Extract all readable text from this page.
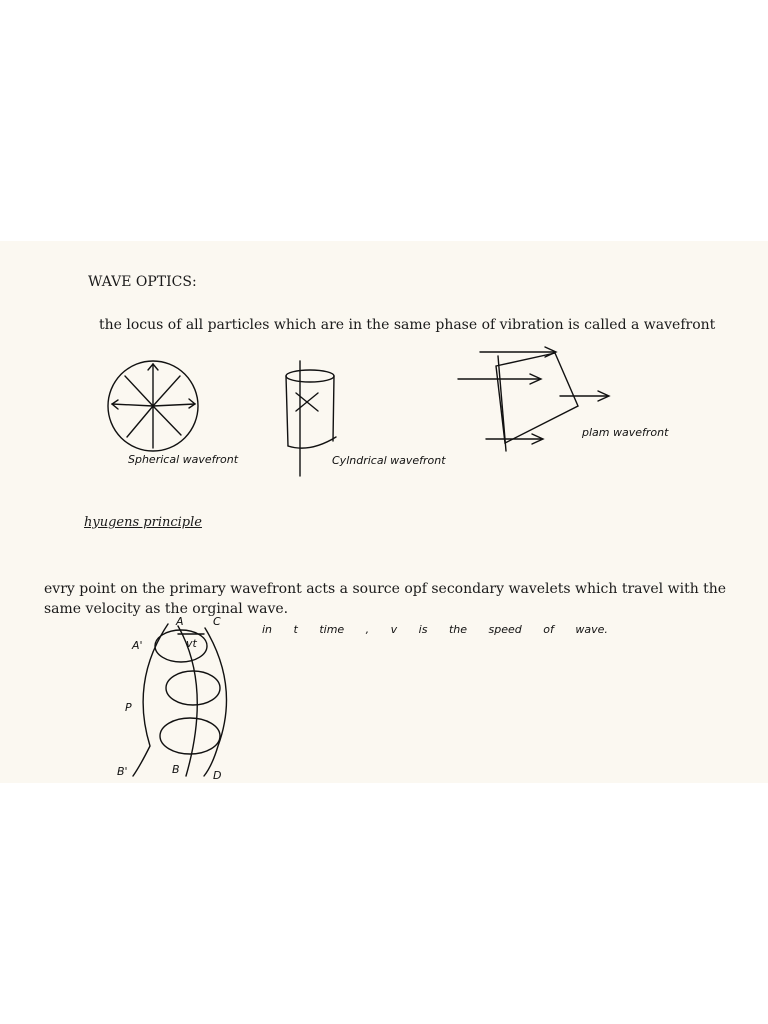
WAVE OPTICS:
the locus of all particles which are in the same phase of vibration is called a wavefront
Spherical wavefront	Cylndrical wavefront
plam wavefront
hyugens principle
evry point on the primary wavefront acts a source opf secondary wavelets which travel with the same velocity as the orginal wave.
in t time , v is the speed of wave.
A'
A	C
vt
P
B'	B	D
